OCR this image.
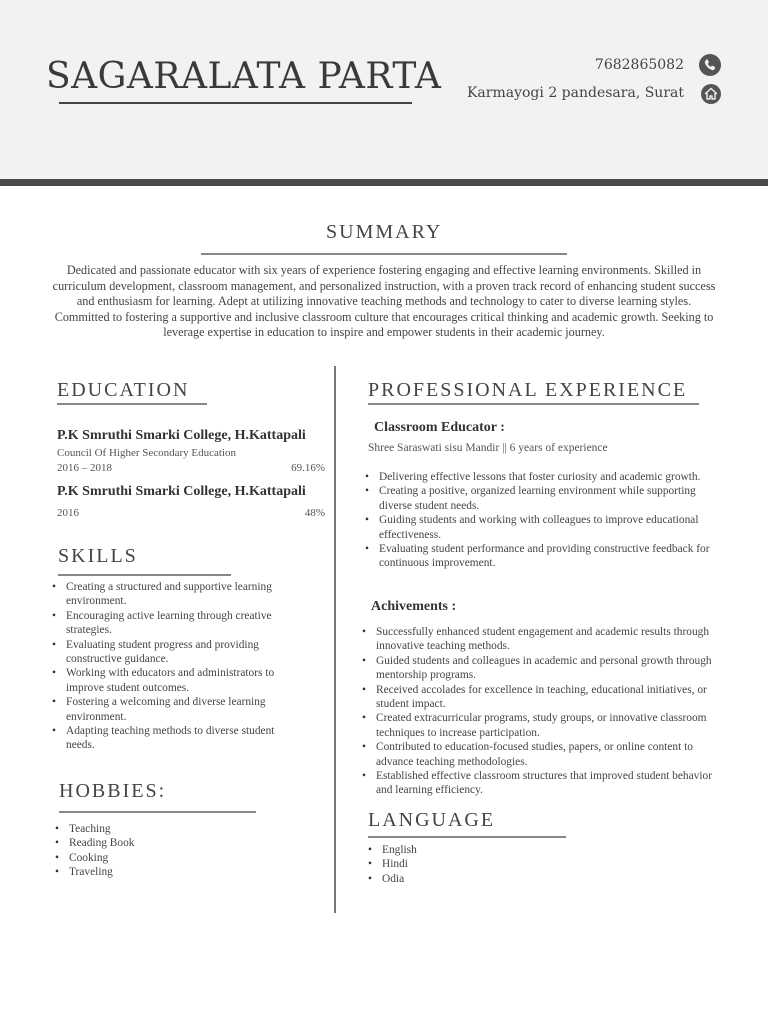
SAGARALATA PARTA	7682865082
Karmayogi 2 pandesara, Surat
SUMMARY
Dedicated and passionate educator with six years of experience fostering engaging and effective learning environments. Skilled in curriculum development, classroom management, and personalized instruction, with a proven track record of enhancing student success and enthusiasm for learning. Adept at utilizing innovative teaching methods and technology to cater to diverse learning styles. Committed to fostering a supportive and inclusive classroom culture that encourages critical thinking and academic growth. Seeking to leverage expertise in education to inspire and empower students in their academic journey.
EDUCATION
P.K Smruthi Smarki College, H.Kattapali
Council Of Higher Secondary Education
2016 – 2018	69.16%
P.K Smruthi Smarki College, H.Kattapali
2016	48%
SKILLS
• Creating a structured and supportive learning environment.
• Encouraging active learning through creative strategies.
• Evaluating student progress and providing constructive guidance.
• Working with educators and administrators to improve student outcomes.
• Fostering a welcoming and diverse learning environment.
• Adapting teaching methods to diverse student needs.
HOBBIES:
• Teaching
• Reading Book
• Cooking
• Traveling
PROFESSIONAL EXPERIENCE
Classroom Educator :
Shree Saraswati sisu Mandir || 6 years of experience
• Delivering effective lessons that foster curiosity and academic growth.
• Creating a positive, organized learning environment while supporting diverse student needs.
• Guiding students and working with colleagues to improve educational effectiveness.
• Evaluating student performance and providing constructive feedback for continuous improvement.
Achivements :
• Successfully enhanced student engagement and academic results through innovative teaching methods.
• Guided students and colleagues in academic and personal growth through mentorship programs.
• Received accolades for excellence in teaching, educational initiatives, or student impact.
• Created extracurricular programs, study groups, or innovative classroom techniques to increase participation.
• Contributed to education-focused studies, papers, or online content to advance teaching methodologies.
• Established effective classroom structures that improved student behavior and learning efficiency.
LANGUAGE
• English
• Hindi
• Odia
